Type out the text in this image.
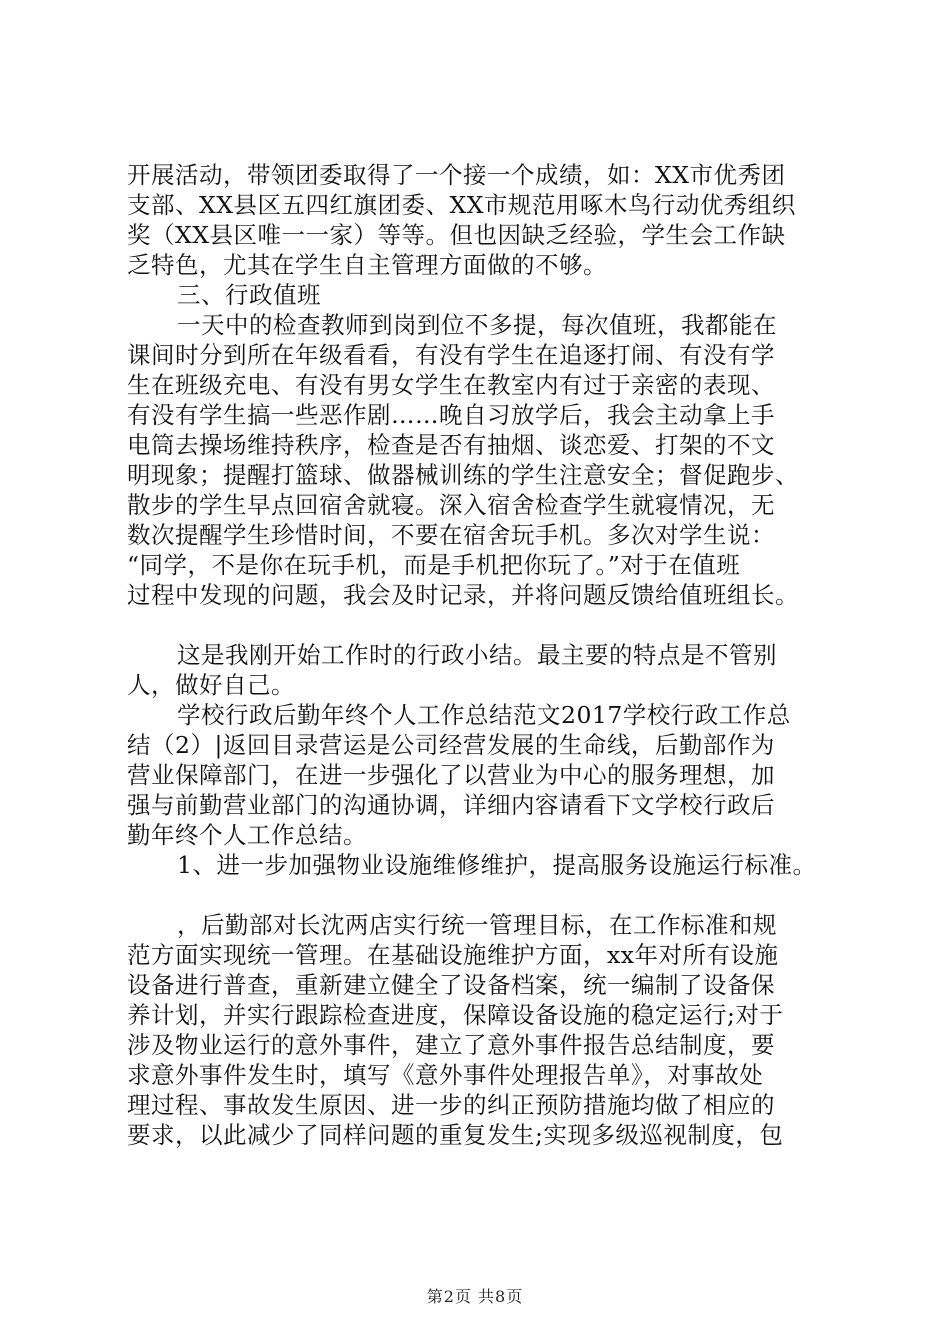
开展活动，带领团委取得了一个接一个成绩，如：XX市优秀团
支部、XX县区五四红旗团委、XX市规范用啄木鸟行动优秀组织
奖（XX县区唯一一家）等等。但也因缺乏经验，学生会工作缺
乏特色，尤其在学生自主管理方面做的不够。
三、行政值班
一天中的检查教师到岗到位不多提，每次值班，我都能在
课间时分到所在年级看看，有没有学生在追逐打闹、有没有学
生在班级充电、有没有男女学生在教室内有过于亲密的表现、
有没有学生搞一些恶作剧……晚自习放学后，我会主动拿上手
电筒去操场维持秩序，检查是否有抽烟、谈恋爱、打架的不文
明现象；提醒打篮球、做器械训练的学生注意安全；督促跑步、
散步的学生早点回宿舍就寝。深入宿舍检查学生就寝情况，无
数次提醒学生珍惜时间，不要在宿舍玩手机。多次对学生说：
“同学，不是你在玩手机，而是手机把你玩了。”对于在值班
过程中发现的问题，我会及时记录，并将问题反馈给值班组长。
这是我刚开始工作时的行政小结。最主要的特点是不管别
人，做好自己。
学校行政后勤年终个人工作总结范文2017学校行政工作总
结（2）|返回目录营运是公司经营发展的生命线，后勤部作为
营业保障部门，在进一步强化了以营业为中心的服务理想，加
强与前勤营业部门的沟通协调，详细内容请看下文学校行政后
勤年终个人工作总结。
1、进一步加强物业设施维修维护，提高服务设施运行标准。
，后勤部对长沈两店实行统一管理目标，在工作标准和规
范方面实现统一管理。在基础设施维护方面，xx年对所有设施
设备进行普查，重新建立健全了设备档案，统一编制了设备保
养计划，并实行跟踪检查进度，保障设备设施的稳定运行;对于
涉及物业运行的意外事件，建立了意外事件报告总结制度，要
求意外事件发生时，填写《意外事件处理报告单》，对事故处
理过程、事故发生原因、进一步的纠正预防措施均做了相应的
要求，以此减少了同样问题的重复发生;实现多级巡视制度，包
第2页 共8页
